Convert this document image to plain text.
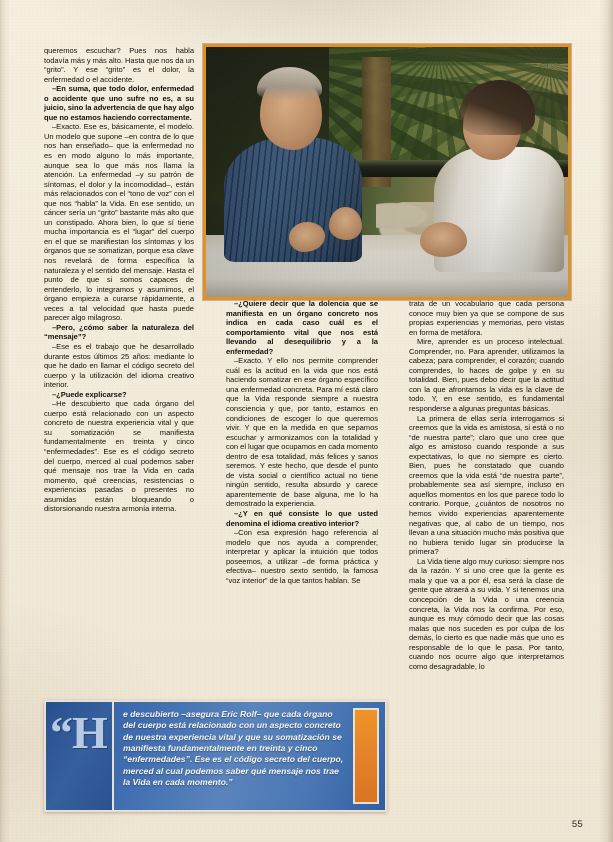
queremos escuchar? Pues nos habla todavía más y más alto. Hasta que nos da un “grito”. Y ese “grito” es el dolor, la enfermedad o el accidente.

–En suma, que todo dolor, enfermedad o accidente que uno sufre no es, a su juicio, sino la advertencia de que hay algo que no estamos haciendo correctamente.

–Exacto. Ese es, básicamente, el modelo. Un modelo que supone –en contra de lo que nos han enseñado– que la enfermedad no es en modo alguno lo más importante, aunque sea lo que más nos llama la atención. La enfermedad –y su patrón de síntomas, el dolor y la incomodidad–, están más relacionados con el “tono de voz” con el que nos “habla” la Vida. En ese sentido, un cáncer sería un “grito” bastante más alto que un constipado. Ahora bien, lo que sí tiene mucha importancia es el “lugar” del cuerpo en el que se manifiestan los síntomas y los órganos que se somatizan, porque esa clave nos revelará de forma específica la naturaleza y el sentido del mensaje. Hasta el punto de que si somos capaces de entenderlo, lo integramos y asumimos, el órgano empieza a curarse rápidamente, a veces a tal velocidad que hasta puede parecer algo milagroso.

–Pero, ¿cómo saber la naturaleza del “mensaje”?

–Ese es el trabajo que he desarrollado durante estos últimos 25 años: mediante lo que he dado en llamar el código secreto del cuerpo y la utilización del idioma creativo interior.

–¿Puede explicarse?

–He descubierto que cada órgano del cuerpo está relacionado con un aspecto concreto de nuestra experiencia vital y que su somatización se manifiesta fundamentalmente en treinta y cinco “enfermedades”. Ese es el código secreto del cuerpo, merced al cual podemos saber qué mensaje nos trae la Vida en cada momento, qué creencias, resistencias o experiencias pasadas o presentes no asumidas están bloqueando o distorsionando nuestra armonía interna.

–¿Quiere decir que la dolencia que se manifiesta en un órgano concreto nos indica en cada caso cuál es el comportamiento vital que nos está llevando al desequilibrio y a la enfermedad?

–Exacto. Y ello nos permite comprender cuál es la actitud en la vida que nos está haciendo somatizar en ese órgano específico una enfermedad concreta. Para mí está claro que la Vida responde siempre a nuestra consciencia y que, por tanto, estamos en condiciones de escoger lo que queremos vivir. Y que en la medida en que sepamos escuchar y armonizamos con la totalidad y con el lugar que ocupamos en cada momento dentro de esa totalidad, más felices y sanos seremos. Y este hecho, que desde el punto de vista social o científico actual no tiene ningún sentido, resulta absurdo y carece aparentemente de base alguna, me lo ha demostrado la experiencia.

–¿Y en qué consiste lo que usted denomina el idioma creativo interior?

–Con esa expresión hago referencia al modelo que nos ayuda a comprender, interpretar y aplicar la intuición que todos poseemos, a utilizar –de forma práctica y efectiva– nuestro sexto sentido, la famosa “voz interior” de la que tantos hablan. Se

trata de un vocabulario que cada persona conoce muy bien ya que se compone de sus propias experiencias y memorias, pero vistas en forma de metáfora.

Mire, aprender es un proceso intelectual. Comprender, no. Para aprender, utilizamos la cabeza; para comprender, el corazón; cuando comprendes, lo haces de golpe y en su totalidad. Bien, pues debo decir que la actitud con la que afrontamos la vida es la clave de todo. Y, en ese sentido, es fundamental responderse a algunas preguntas básicas.

La primera de ellas sería interrogarnos si creemos que la vida es amistosa, si está o no “de nuestra parte”; claro que uno cree que algo es amistoso cuando responde a sus expectativas, lo que no siempre es cierto. Bien, pues he constatado que cuando creemos que la vida está “de nuestra parte”, probablemente sea así siempre, incluso en aquellos momentos en los que parece todo lo contrario. Porque, ¿cuántos de nosotros no hemos vivido experiencias aparentemente negativas que, al cabo de un tiempo, nos llevan a una situación mucho más positiva que no hubiera tenido lugar sin producirse la primera?

La Vida tiene algo muy curioso: siempre nos da la razón. Y si uno cree que la gente es mala y que va a por él, esa será la clase de gente que atraerá a su vida. Y si tenemos una concepción de la Vida o una creencia concreta, la Vida nos la confirma. Por eso, aunque es muy cómodo decir que las cosas malas que nos suceden es por culpa de los demás, lo cierto es que nadie más que uno es responsable de lo que le pasa. Por tanto, cuando nos ocurre algo que interpretamos como desagradable, lo

“H	e descubierto –asegura Eric Rolf– que cada órgano del cuerpo está relacionado con un aspecto concreto de nuestra experiencia vital y que su somatización se manifiesta fundamentalmente en treinta y cinco “enfermedades”. Ese es el código secreto del cuerpo, merced al cual podemos saber qué mensaje nos trae la Vida en cada momento.”
55
